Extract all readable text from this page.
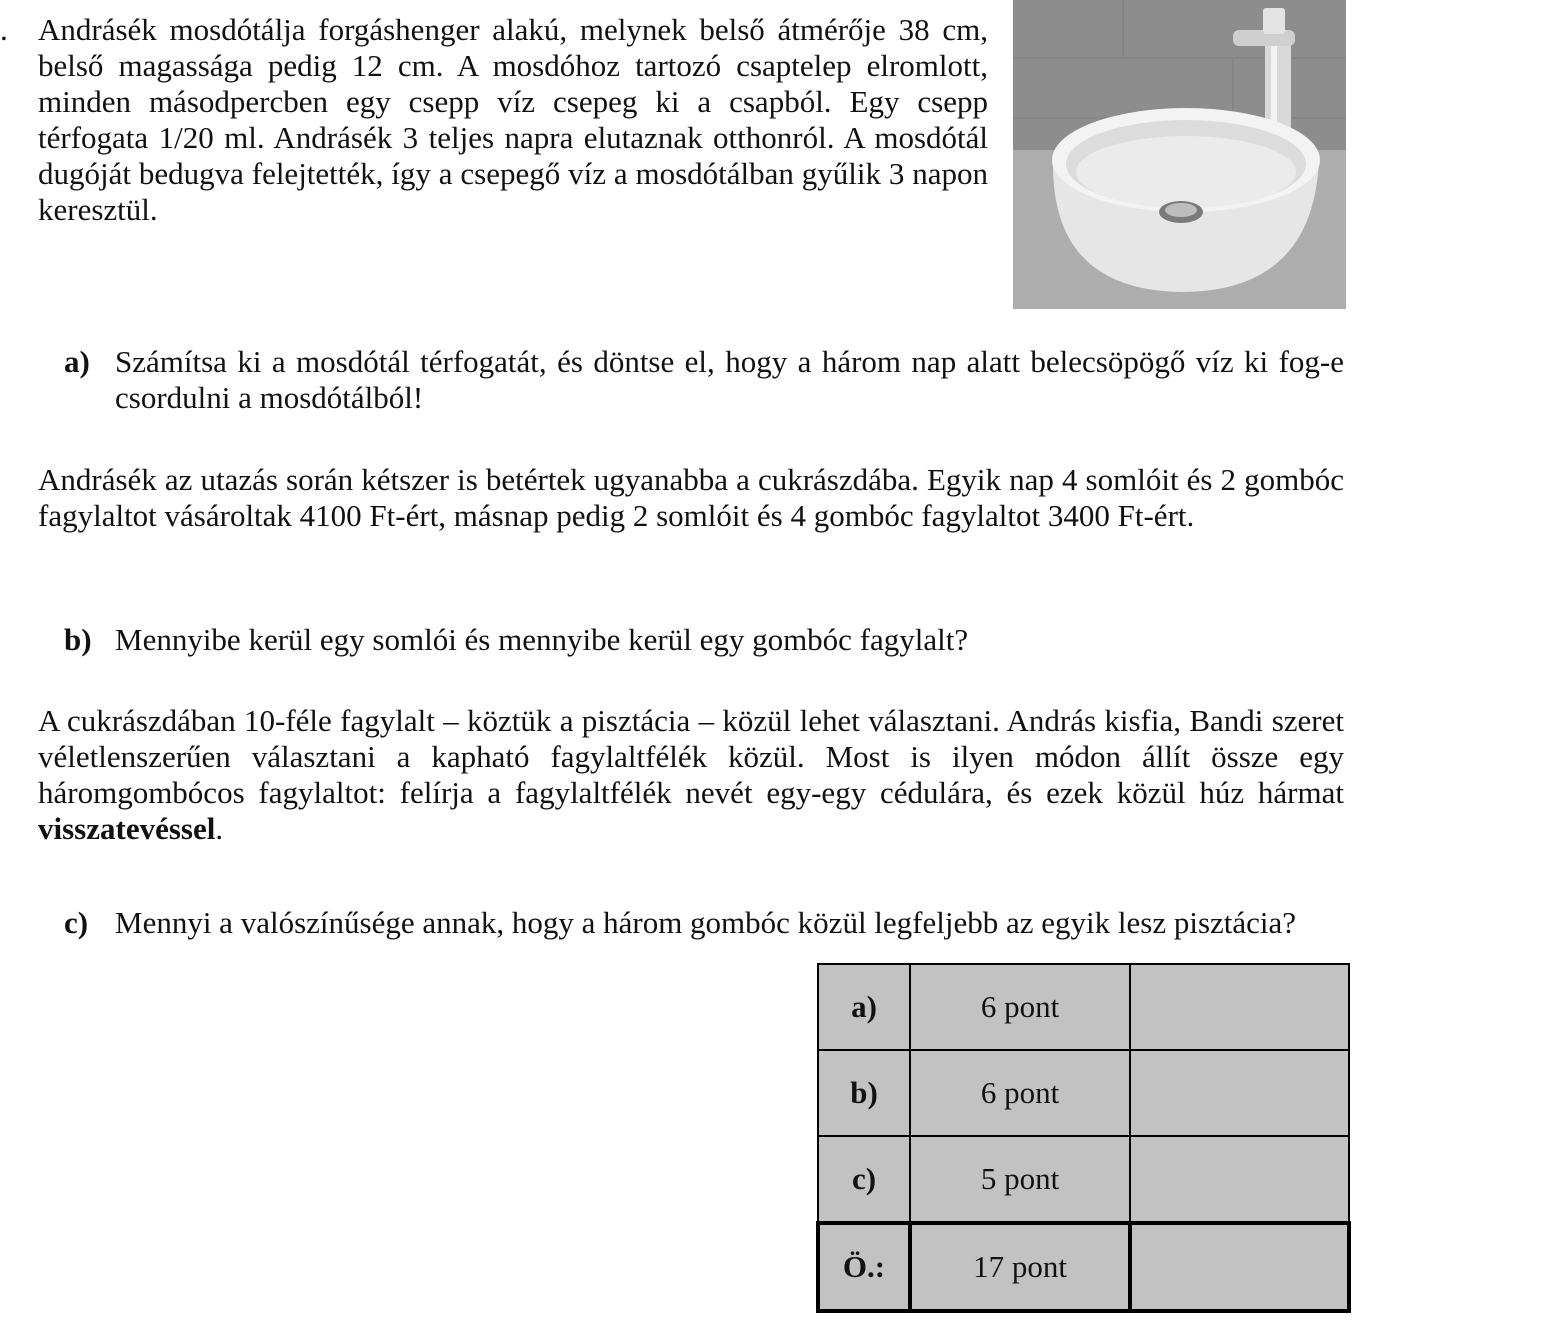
. Andrásék mosdótálja forgáshenger alakú, melynek belső átmérője 38 cm, belső magassága pedig 12 cm. A mosdóhoz tartozó csaptelep elromlott, minden másodpercben egy csepp víz csepeg ki a csapból. Egy csepp térfogata 1/20 ml. Andrásék 3 teljes napra elutaznak otthonról. A mosdótál dugóját bedugva felejtették, így a csepegő víz a mosdótálban gyűlik 3 napon keresztül.
a) Számítsa ki a mosdótál térfogatát, és döntse el, hogy a három nap alatt belecsöpögő víz ki fog-e csordulni a mosdótálból!
Andrásék az utazás során kétszer is betértek ugyanabba a cukrászdába. Egyik nap 4 somlóit és 2 gombóc fagylaltot vásároltak 4100 Ft-ért, másnap pedig 2 somlóit és 4 gombóc fagylaltot 3400 Ft-ért.
b) Mennyibe kerül egy somlói és mennyibe kerül egy gombóc fagylalt?
A cukrászdában 10-féle fagylalt – köztük a pisztácia – közül lehet választani. András kisfia, Bandi szeret véletlenszerűen választani a kapható fagylaltfélék közül. Most is ilyen módon állít össze egy háromgombócos fagylaltot: felírja a fagylaltfélék nevét egy-egy cédulára, és ezek közül húz hármat visszatevéssel.
c) Mennyi a valószínűsége annak, hogy a három gombóc közül legfeljebb az egyik lesz pisztácia?
a)	6 pont	
b)	6 pont	
c)	5 pont	
Ö.:	17 pont	
